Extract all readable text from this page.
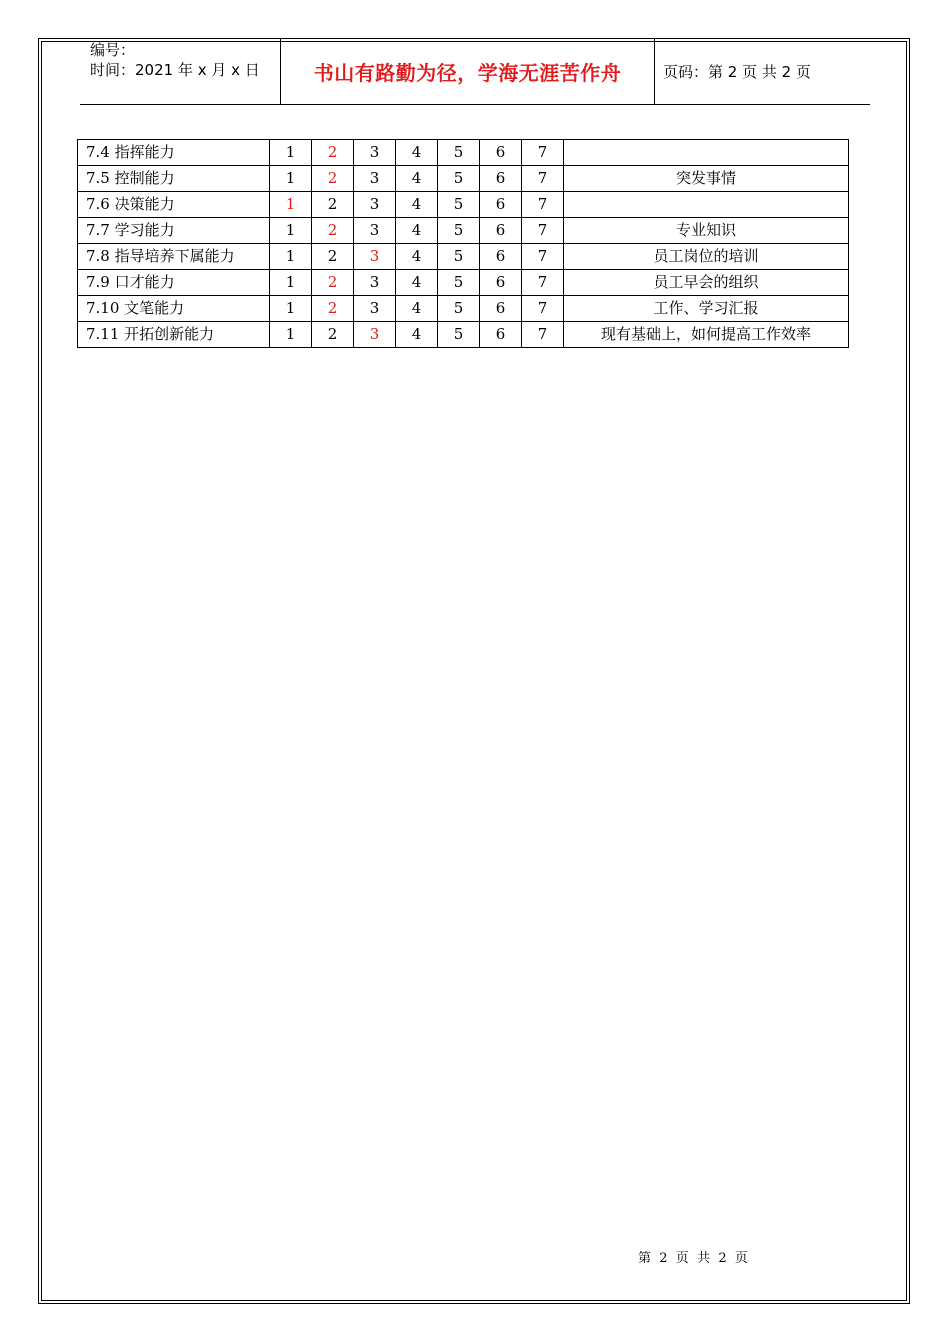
编号：
时间：2021 年 x 月 x 日	书山有路勤为径，学海无涯苦作舟	页码：第 2 页 共 2 页
7.4 指挥能力	1	2	3	4	5	6	7	
7.5 控制能力	1	2	3	4	5	6	7	突发事情
7.6 决策能力	1	2	3	4	5	6	7	
7.7 学习能力	1	2	3	4	5	6	7	专业知识
7.8 指导培养下属能力	1	2	3	4	5	6	7	员工岗位的培训
7.9 口才能力	1	2	3	4	5	6	7	员工早会的组织
7.10 文笔能力	1	2	3	4	5	6	7	工作、学习汇报
7.11 开拓创新能力	1	2	3	4	5	6	7	现有基础上，如何提高工作效率
第  2  页  共  2  页
